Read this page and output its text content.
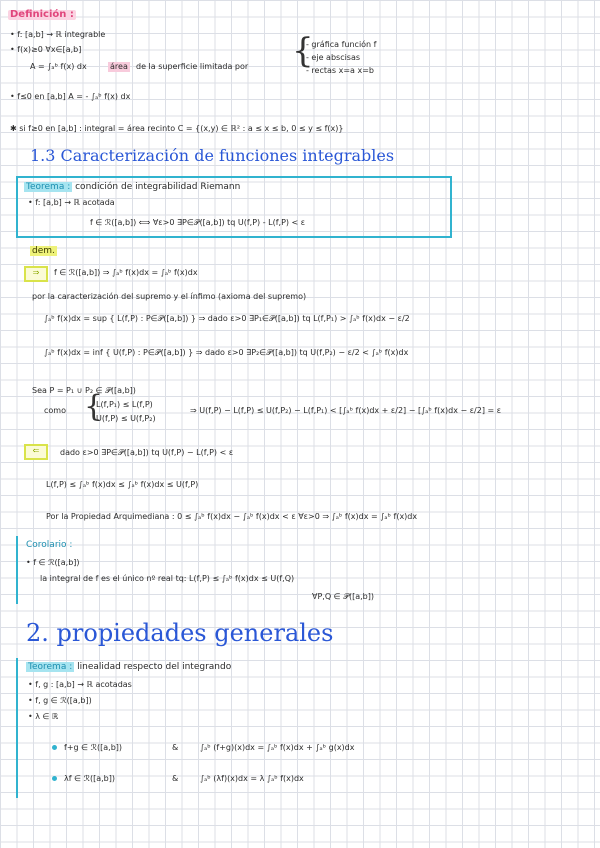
Definición :
• f: [a,b] → ℝ integrable
• f(x)≥0 ∀x∈[a,b]
A = ∫ₐᵇ f(x) dx	área de la superficie limitada por {
- gráfica función f
- eje abscisas
- rectas x=a x=b
• f≤0 en [a,b] A = - ∫ₐᵇ f(x) dx
✱ si f≥0 en [a,b] : integral = área recinto C = {(x,y) ∈ ℝ² : a ≤ x ≤ b, 0 ≤ y ≤ f(x)}
1.3 Caracterización de funciones integrables
Teorema : condición de integrabilidad Riemann
• f: [a,b] → ℝ acotada
f ∈ ℛ([a,b]) ⟺ ∀ε>0 ∃P∈𝒫([a,b]) tq U(f,P) - L(f,P) < ε
dem.
⇒	f ∈ ℛ([a,b]) ⇒ ∫ₐᵇ f(x)dx = ∫ₐᵇ f(x)dx
por la caracterización del supremo y el ínfimo (axioma del supremo)
∫ₐᵇ f(x)dx = sup { L(f,P) : P∈𝒫([a,b]) } ⇒ dado ε>0 ∃P₁∈𝒫([a,b]) tq L(f,P₁) > ∫ₐᵇ f(x)dx − ε/2
∫ₐᵇ f(x)dx = inf { U(f,P) : P∈𝒫([a,b]) } ⇒ dado ε>0 ∃P₂∈𝒫([a,b]) tq U(f,P₂) − ε/2 < ∫ₐᵇ f(x)dx
Sea P = P₁ ∪ P₂ ∈ 𝒫([a,b])
como {
L(f,P₁) ≤ L(f,P)
U(f,P) ≤ U(f,P₂)
⇒ U(f,P) − L(f,P) ≤ U(f,P₂) − L(f,P₁) < [∫ₐᵇ f(x)dx + ε/2] − [∫ₐᵇ f(x)dx − ε/2] = ε
⇐	dado ε>0 ∃P∈𝒫([a,b]) tq U(f,P) − L(f,P) < ε
L(f,P) ≤ ∫ₐᵇ f(x)dx ≤ ∫ₐᵇ f(x)dx ≤ U(f,P)
Por la Propiedad Arquimediana : 0 ≤ ∫ₐᵇ f(x)dx − ∫ₐᵇ f(x)dx < ε ∀ε>0 ⇒ ∫ₐᵇ f(x)dx = ∫ₐᵇ f(x)dx
Corolario :
• f ∈ ℛ([a,b])
la integral de f es el único nº real tq: L(f,P) ≤ ∫ₐᵇ f(x)dx ≤ U(f,Q)
∀P,Q ∈ 𝒫([a,b])
2. propiedades generales
Teorema : linealidad respecto del integrando
• f, g : [a,b] → ℝ acotadas
• f, g ∈ ℛ([a,b])
• λ ∈ ℝ
f+g ∈ ℛ([a,b])	&	∫ₐᵇ (f+g)(x)dx = ∫ₐᵇ f(x)dx + ∫ₐᵇ g(x)dx
λf ∈ ℛ([a,b])	&	∫ₐᵇ (λf)(x)dx = λ ∫ₐᵇ f(x)dx
